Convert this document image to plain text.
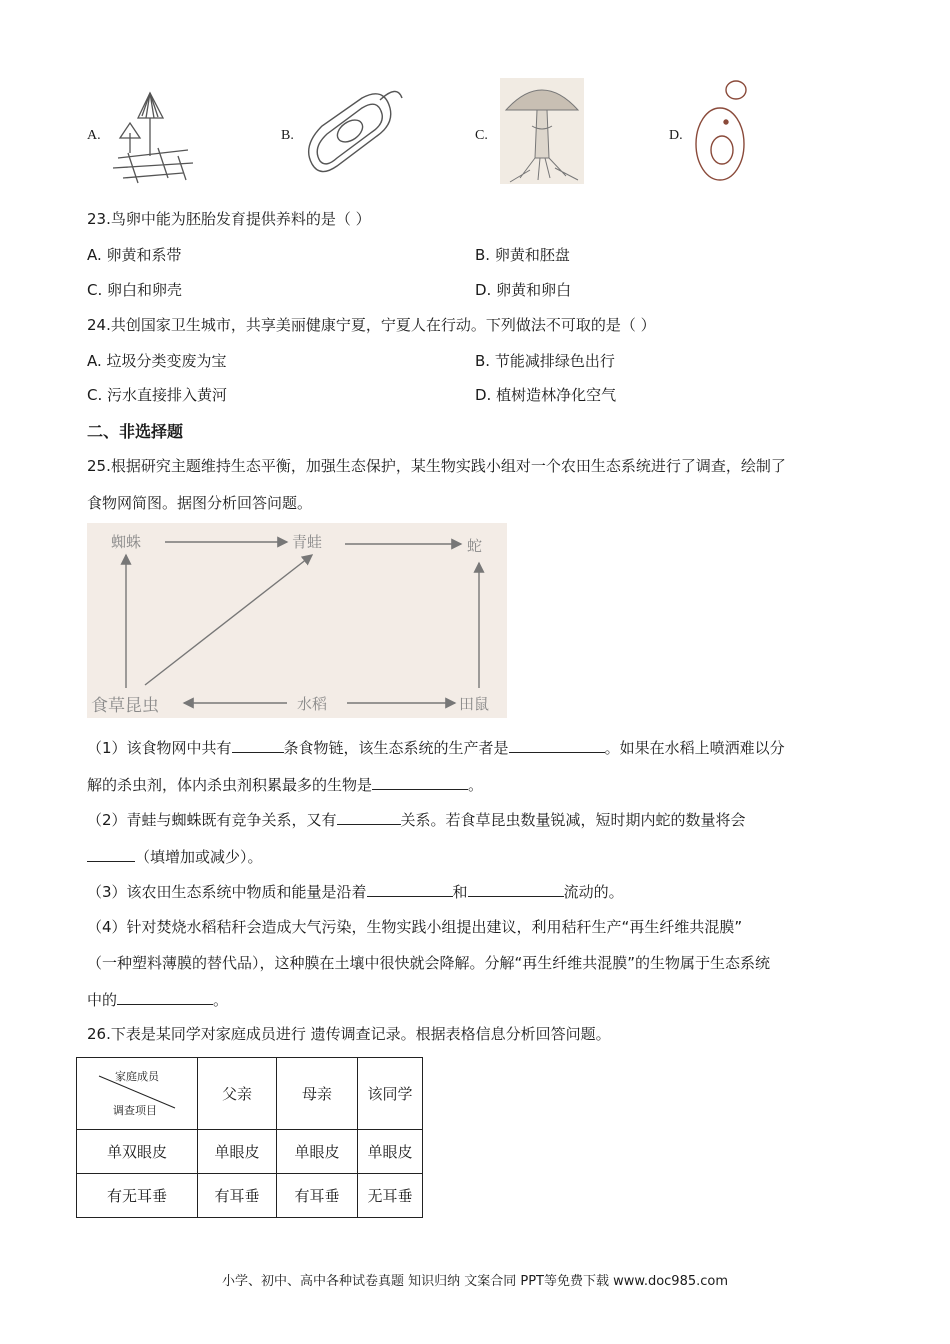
A.	B.	C.	D.
23.鸟卵中能为胚胎发育提供养料的是（ ）
A. 卵黄和系带	B. 卵黄和胚盘
C. 卵白和卵壳	D. 卵黄和卵白
24.共创国家卫生城市，共享美丽健康宁夏，宁夏人在行动。下列做法不可取的是（ ）
A. 垃圾分类变废为宝	B. 节能减排绿色出行
C. 污水直接排入黄河	D. 植树造林净化空气
二、非选择题
25.根据研究主题维持生态平衡，加强生态保护，某生物实践小组对一个农田生态系统进行了调查，绘制了
食物网简图。据图分析回答问题。
蜘蛛	青蛙	蛇
食草昆虫	水稻	田鼠
（1）该食物网中共有	条食物链，该生态系统的生产者是	。如果在水稻上喷洒难以分
解的杀虫剂，体内杀虫剂积累最多的生物是	。
（2）青蛙与蜘蛛既有竞争关系，又有	关系。若食草昆虫数量锐减，短时期内蛇的数量将会
（填增加或减少）。
（3）该农田生态系统中物质和能量是沿着	和	流动的。
（4）针对焚烧水稻秸秆会造成大气污染，生物实践小组提出建议，利用秸秆生产“再生纤维共混膜”
（一种塑料薄膜的替代品），这种膜在土壤中很快就会降解。分解“再生纤维共混膜”的生物属于生态系统
中的	。
26.下表是某同学对家庭成员进行 遗传调查记录。根据表格信息分析回答问题。
家庭成员
调查项目	父亲	母亲	该同学
单双眼皮	单眼皮	单眼皮	单眼皮
有无耳垂	有耳垂	有耳垂	无耳垂
小学、初中、高中各种试卷真题 知识归纳 文案合同 PPT等免费下载 www.doc985.com
